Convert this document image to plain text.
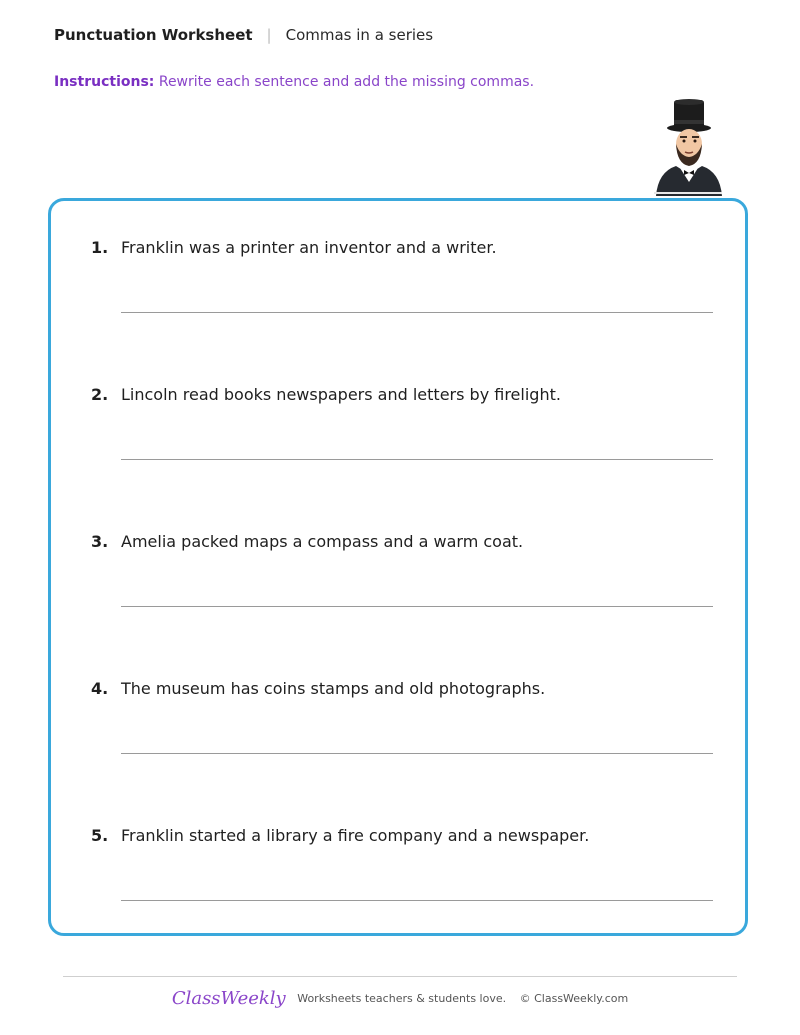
Punctuation Worksheet | Commas in a series
Instructions: Rewrite each sentence and add the missing commas.
1. Franklin was a printer an inventor and a writer.
2. Lincoln read books newspapers and letters by firelight.
3. Amelia packed maps a compass and a warm coat.
4. The museum has coins stamps and old photographs.
5. Franklin started a library a fire company and a newspaper.
ClassWeekly Worksheets teachers & students love. © ClassWeekly.com
